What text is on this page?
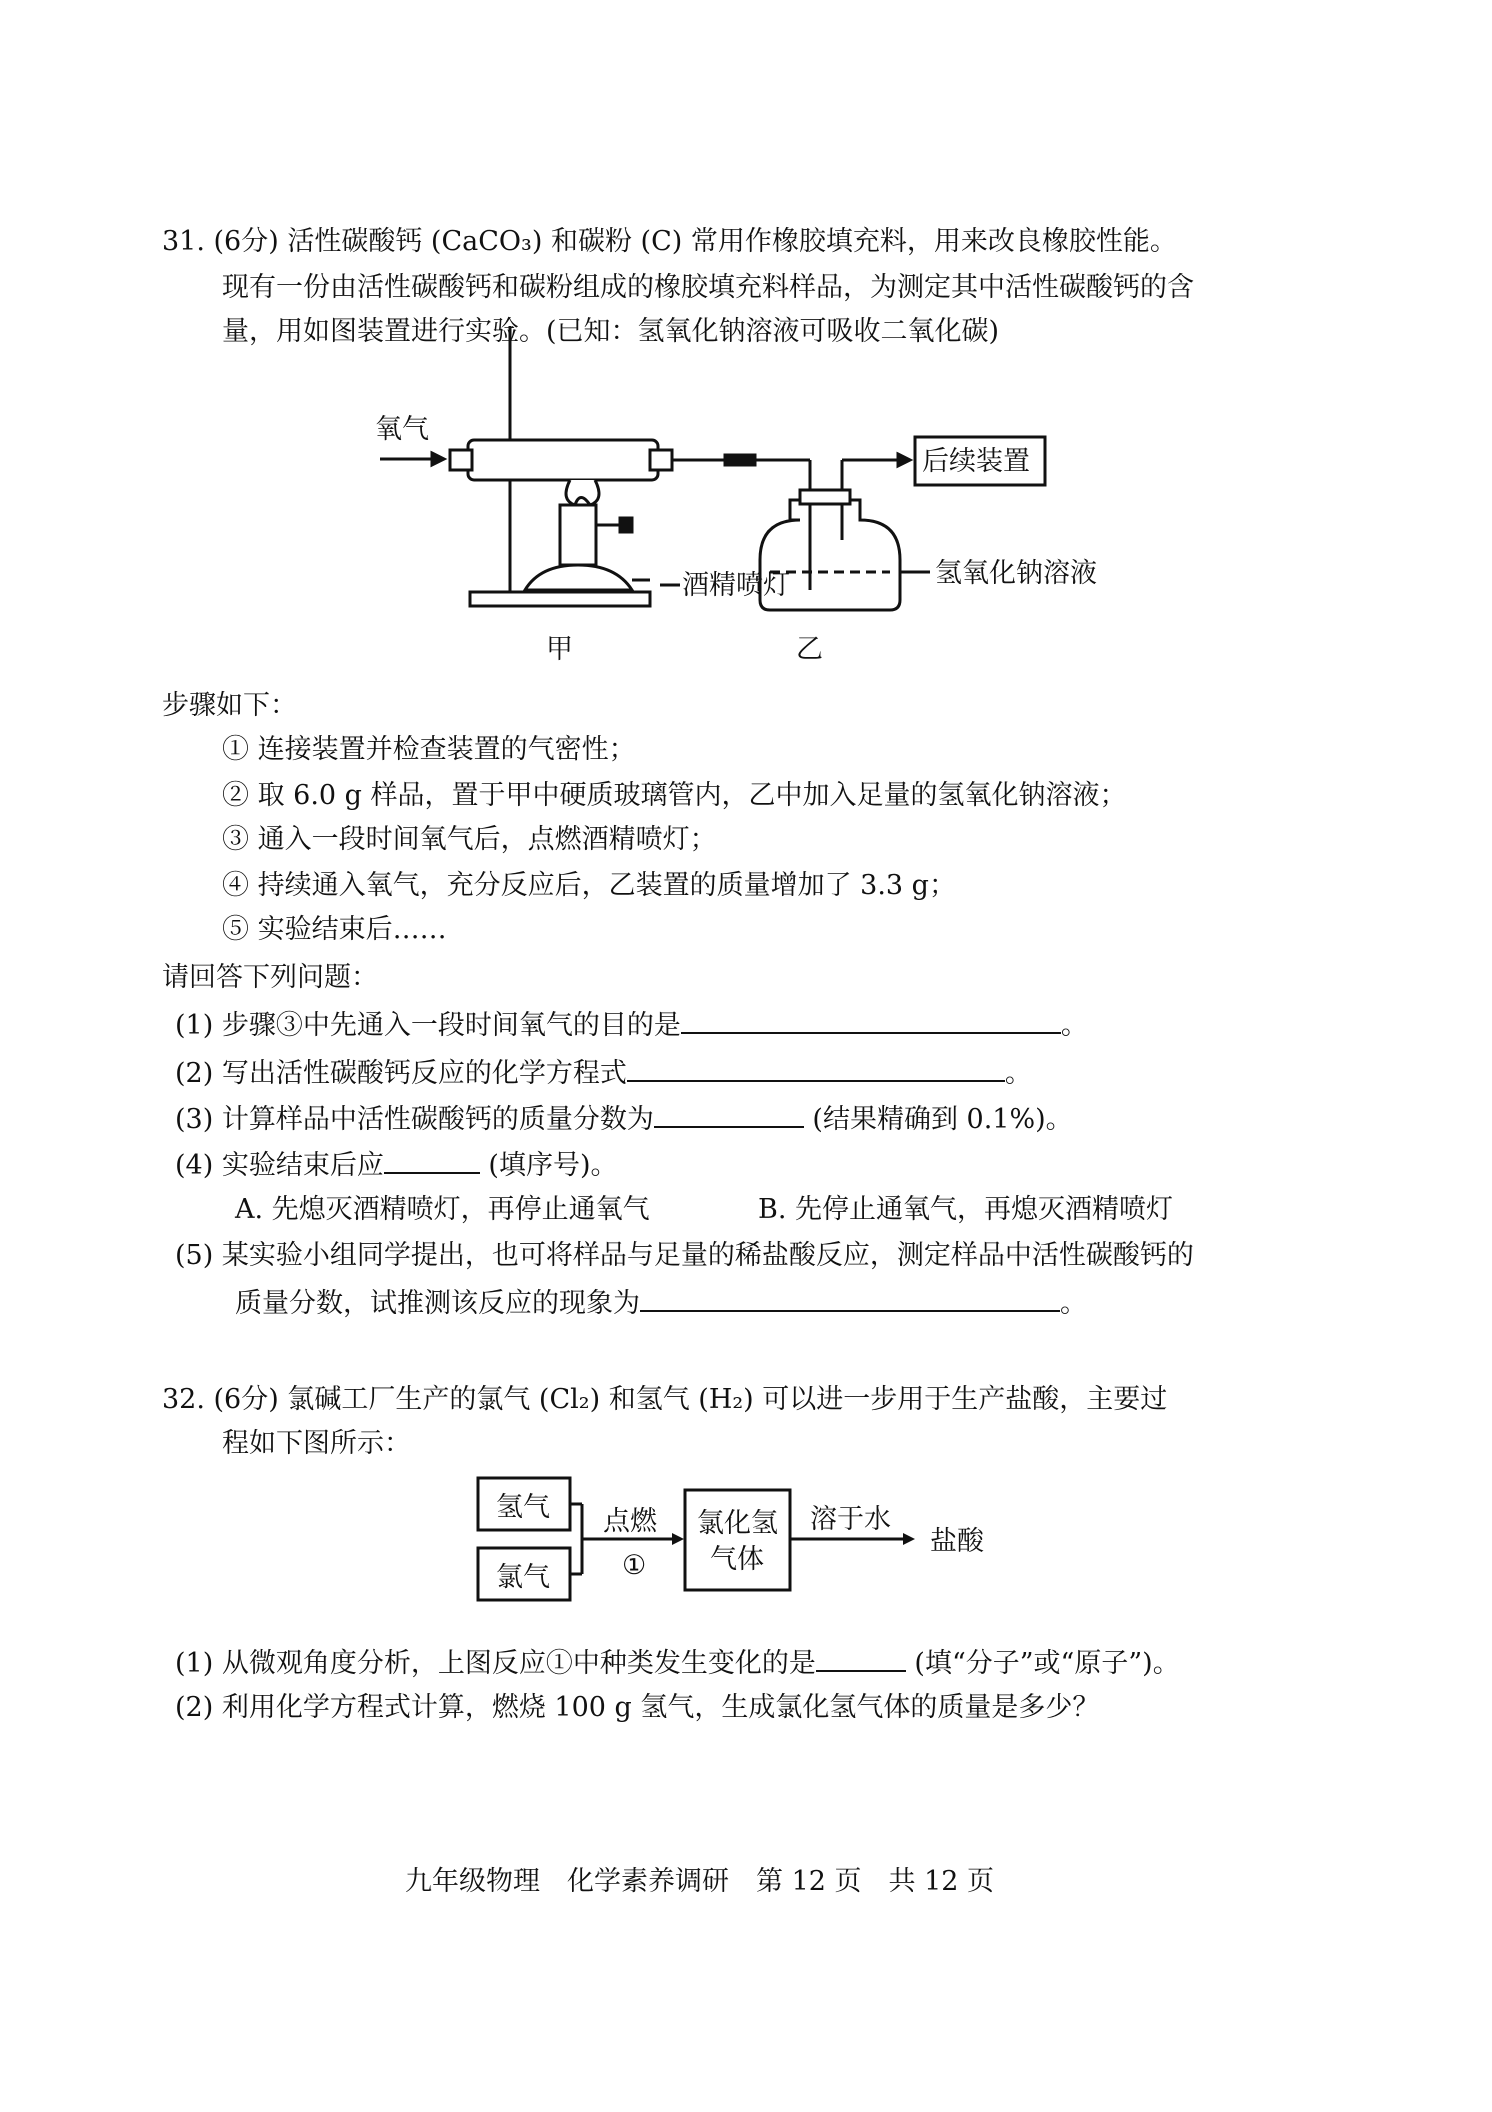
31. (6分) 活性碳酸钙 (CaCO₃) 和碳粉 (C) 常用作橡胶填充料，用来改良橡胶性能。
现有一份由活性碳酸钙和碳粉组成的橡胶填充料样品，为测定其中活性碳酸钙的含
量，用如图装置进行实验。(已知：氢氧化钠溶液可吸收二氧化碳)
氧气
后续装置
酒精喷灯	氢氧化钠溶液
甲	乙
步骤如下：
① 连接装置并检查装置的气密性；
② 取 6.0 g 样品，置于甲中硬质玻璃管内，乙中加入足量的氢氧化钠溶液；
③ 通入一段时间氧气后，点燃酒精喷灯；
④ 持续通入氧气，充分反应后，乙装置的质量增加了 3.3 g；
⑤ 实验结束后……
请回答下列问题：
(1) 步骤③中先通入一段时间氧气的目的是	。
(2) 写出活性碳酸钙反应的化学方程式	。
(3) 计算样品中活性碳酸钙的质量分数为	(结果精确到 0.1%)。
(4) 实验结束后应	(填序号)。
A. 先熄灭酒精喷灯，再停止通氧气	B. 先停止通氧气，再熄灭酒精喷灯
(5) 某实验小组同学提出，也可将样品与足量的稀盐酸反应，测定样品中活性碳酸钙的
质量分数，试推测该反应的现象为	。
32. (6分) 氯碱工厂生产的氯气 (Cl₂) 和氢气 (H₂) 可以进一步用于生产盐酸，主要过
程如下图所示：
氢气
氯气
点燃
①
氯化氢
气体
溶于水
盐酸
(1) 从微观角度分析，上图反应①中种类发生变化的是	(填“分子”或“原子”)。
(2) 利用化学方程式计算，燃烧 100 g 氢气，生成氯化氢气体的质量是多少？
九年级物理　化学素养调研　第 12 页　共 12 页
